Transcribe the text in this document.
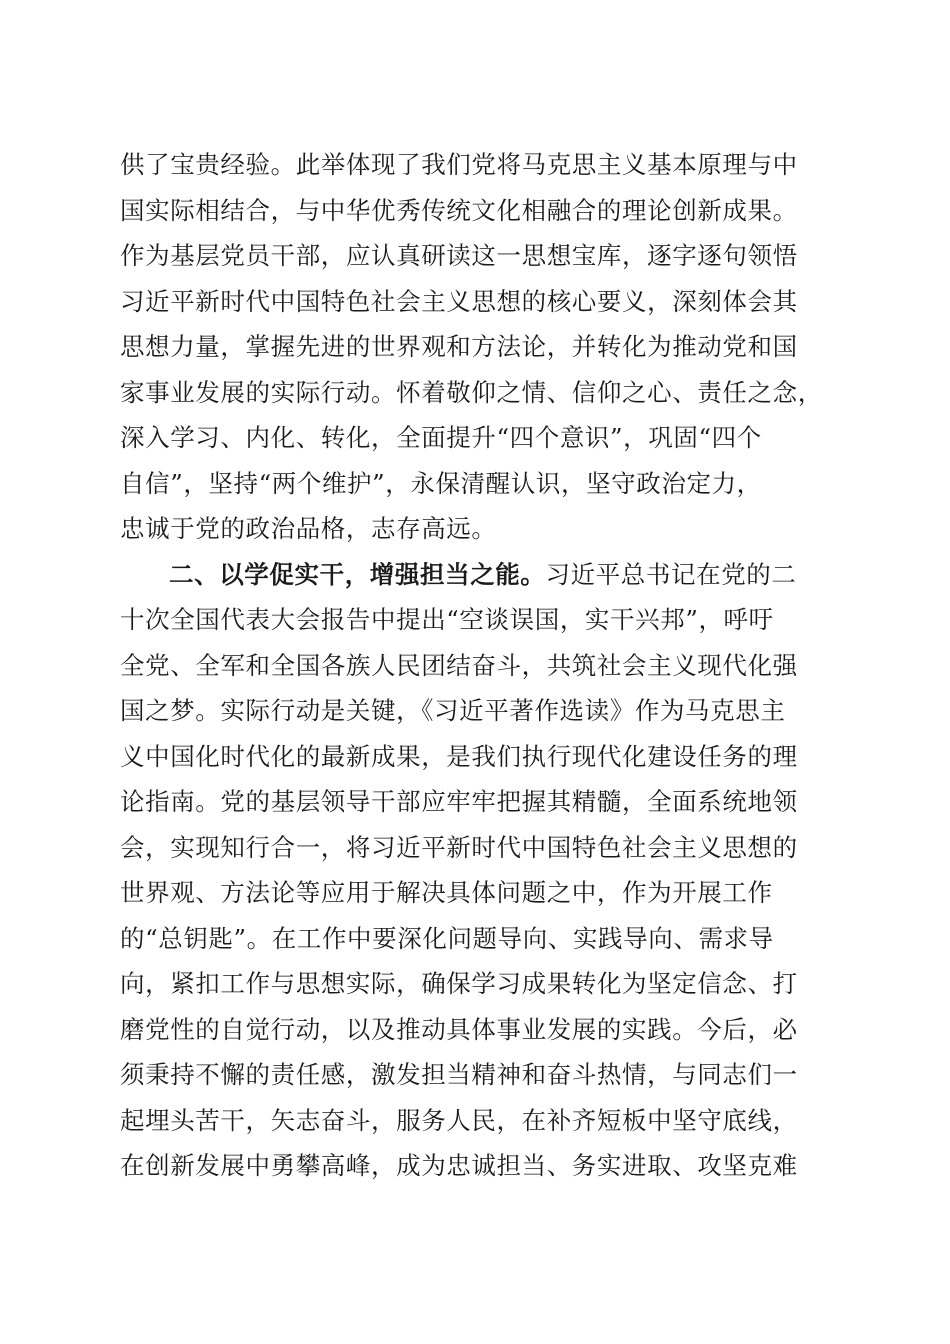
供了宝贵经验。此举体现了我们党将马克思主义基本原理与中
国实际相结合，与中华优秀传统文化相融合的理论创新成果。
作为基层党员干部，应认真研读这一思想宝库，逐字逐句领悟
习近平新时代中国特色社会主义思想的核心要义，深刻体会其
思想力量，掌握先进的世界观和方法论，并转化为推动党和国
家事业发展的实际行动。怀着敬仰之情、信仰之心、责任之念，
深入学习、内化、转化，全面提升“四个意识”，巩固“四个
自信”，坚持“两个维护”，永保清醒认识，坚守政治定力，
忠诚于党的政治品格，志存高远。
二、以学促实干，增强担当之能。习近平总书记在党的二
十次全国代表大会报告中提出“空谈误国，实干兴邦”，呼吁
全党、全军和全国各族人民团结奋斗，共筑社会主义现代化强
国之梦。实际行动是关键，《习近平著作选读》作为马克思主
义中国化时代化的最新成果，是我们执行现代化建设任务的理
论指南。党的基层领导干部应牢牢把握其精髓，全面系统地领
会，实现知行合一，将习近平新时代中国特色社会主义思想的
世界观、方法论等应用于解决具体问题之中，作为开展工作
的“总钥匙”。在工作中要深化问题导向、实践导向、需求导
向，紧扣工作与思想实际，确保学习成果转化为坚定信念、打
磨党性的自觉行动，以及推动具体事业发展的实践。今后，必
须秉持不懈的责任感，激发担当精神和奋斗热情，与同志们一
起埋头苦干，矢志奋斗，服务人民，在补齐短板中坚守底线，
在创新发展中勇攀高峰，成为忠诚担当、务实进取、攻坚克难
